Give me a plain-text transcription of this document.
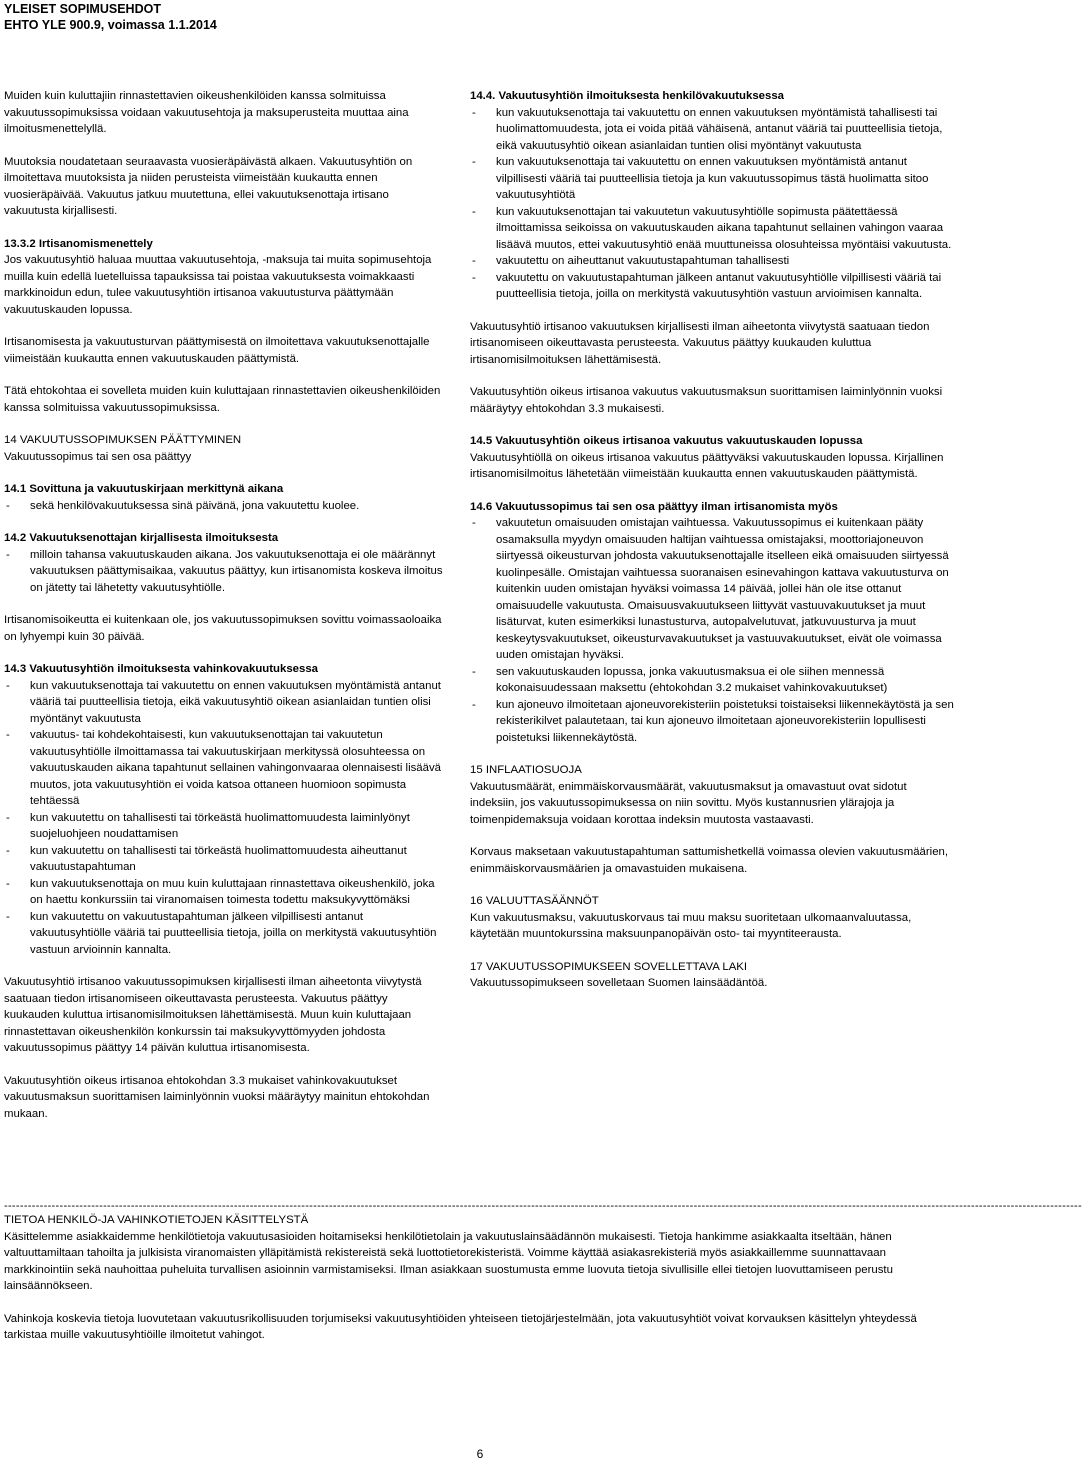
YLEISET SOPIMUSEHDOT
EHTO YLE 900.9, voimassa 1.1.2014

Muiden kuin kuluttajiin rinnastettavien oikeushenkilöiden kanssa solmituissa vakuutussopimuksissa voidaan vakuutusehtoja ja maksuperusteita muuttaa aina ilmoitusmenettelyllä.

Muutoksia noudatetaan seuraavasta vuosieräpäivästä alkaen. Vakuutusyhtiön on ilmoitettava muutoksista ja niiden perusteista viimeistään kuukautta ennen vuosieräpäivää. Vakuutus jatkuu muutettuna, ellei vakuutuksenottaja irtisano vakuutusta kirjallisesti.

13.3.2 Irtisanomismenettely

Jos vakuutusyhtiö haluaa muuttaa vakuutusehtoja, -maksuja tai muita sopimusehtoja muilla kuin edellä luetelluissa tapauksissa tai poistaa vakuutuksesta voimakkaasti markkinoidun edun, tulee vakuutusyhtiön irtisanoa vakuutusturva päättymään vakuutuskauden lopussa.

Irtisanomisesta ja vakuutusturvan päättymisestä on ilmoitettava vakuutuksenottajalle viimeistään kuukautta ennen vakuutuskauden päättymistä.

Tätä ehtokohtaa ei sovelleta muiden kuin kuluttajaan rinnastettavien oikeushenkilöiden kanssa solmituissa vakuutussopimuksissa.

14 VAKUUTUSSOPIMUKSEN PÄÄTTYMINEN

Vakuutussopimus tai sen osa päättyy

14.1 Sovittuna ja vakuutuskirjaan merkittynä aikana
- sekä henkilövakuutuksessa sinä päivänä, jona vakuutettu kuolee.
14.2 Vakuutuksenottajan kirjallisesta ilmoituksesta
- milloin tahansa vakuutuskauden aikana. Jos vakuutuksenottaja ei ole määrännyt vakuutuksen päättymisaikaa, vakuutus päättyy, kun irtisanomista koskeva ilmoitus on jätetty tai lähetetty vakuutusyhtiölle.

Irtisanomisoikeutta ei kuitenkaan ole, jos vakuutussopimuksen sovittu voimassaoloaika on lyhyempi kuin 30 päivää.

14.3 Vakuutusyhtiön ilmoituksesta vahinkovakuutuksessa
- kun vakuutuksenottaja tai vakuutettu on ennen vakuutuksen myöntämistä antanut vääriä tai puutteellisia tietoja, eikä vakuutusyhtiö oikean asianlaidan tuntien olisi myöntänyt vakuutusta
- vakuutus- tai kohdekohtaisesti, kun vakuutuksenottajan tai vakuutetun vakuutusyhtiölle ilmoittamassa tai vakuutuskirjaan merkityssä olosuhteessa on vakuutuskauden aikana tapahtunut sellainen vahingonvaaraa olennaisesti lisäävä muutos, jota vakuutusyhtiön ei voida katsoa ottaneen huomioon sopimusta tehtäessä
- kun vakuutettu on tahallisesti tai törkeästä huolimattomuudesta laiminlyönyt suojeluohjeen noudattamisen
- kun vakuutettu on tahallisesti tai törkeästä huolimattomuudesta aiheuttanut vakuutustapahtuman
- kun vakuutuksenottaja on muu kuin kuluttajaan rinnastettava oikeushenkilö, joka on haettu konkurssiin tai viranomaisen toimesta todettu maksukyvyttömäksi
- kun vakuutettu on vakuutustapahtuman jälkeen vilpillisesti antanut vakuutusyhtiölle vääriä tai puutteellisia tietoja, joilla on merkitystä vakuutusyhtiön vastuun arvioinnin kannalta.

Vakuutusyhtiö irtisanoo vakuutussopimuksen kirjallisesti ilman aiheetonta viivytystä saatuaan tiedon irtisanomiseen oikeuttavasta perusteesta. Vakuutus päättyy kuukauden kuluttua irtisanomisilmoituksen lähettämisestä. Muun kuin kuluttajaan rinnastettavan oikeushenkilön konkurssin tai maksukyvyttömyyden johdosta vakuutussopimus päättyy 14 päivän kuluttua irtisanomisesta.

Vakuutusyhtiön oikeus irtisanoa ehtokohdan 3.3 mukaiset vahinkovakuutukset vakuutusmaksun suorittamisen laiminlyönnin vuoksi määräytyy mainitun ehtokohdan mukaan.

14.4. Vakuutusyhtiön ilmoituksesta henkilövakuutuksessa
- kun vakuutuksenottaja tai vakuutettu on ennen vakuutuksen myöntämistä tahallisesti tai huolimattomuudesta, jota ei voida pitää vähäisenä, antanut vääriä tai puutteellisia tietoja, eikä vakuutusyhtiö oikean asianlaidan tuntien olisi myöntänyt vakuutusta
- kun vakuutuksenottaja tai vakuutettu on ennen vakuutuksen myöntämistä antanut vilpillisesti vääriä tai puutteellisia tietoja ja kun vakuutussopimus tästä huolimatta sitoo vakuutusyhtiötä
- kun vakuutuksenottajan tai vakuutetun vakuutusyhtiölle sopimusta päätettäessä ilmoittamissa seikoissa on vakuutuskauden aikana tapahtunut sellainen vahingon vaaraa lisäävä muutos, ettei vakuutusyhtiö enää muuttuneissa olosuhteissa myöntäisi vakuutusta.
- vakuutettu on aiheuttanut vakuutustapahtuman tahallisesti
- vakuutettu on vakuutustapahtuman jälkeen antanut vakuutusyhtiölle vilpillisesti vääriä tai puutteellisia tietoja, joilla on merkitystä vakuutusyhtiön vastuun arvioimisen kannalta.

Vakuutusyhtiö irtisanoo vakuutuksen kirjallisesti ilman aiheetonta viivytystä saatuaan tiedon irtisanomiseen oikeuttavasta perusteesta. Vakuutus päättyy kuukauden kuluttua irtisanomisilmoituksen lähettämisestä.

Vakuutusyhtiön oikeus irtisanoa vakuutus vakuutusmaksun suorittamisen laiminlyönnin vuoksi määräytyy ehtokohdan 3.3 mukaisesti.

14.5 Vakuutusyhtiön oikeus irtisanoa vakuutus vakuutuskauden lopussa

Vakuutusyhtiöllä on oikeus irtisanoa vakuutus päättyväksi vakuutuskauden lopussa. Kirjallinen irtisanomisilmoitus lähetetään viimeistään kuukautta ennen vakuutuskauden päättymistä.

14.6 Vakuutussopimus tai sen osa päättyy ilman irtisanomista myös
- vakuutetun omaisuuden omistajan vaihtuessa. Vakuutussopimus ei kuitenkaan pääty osamaksulla myydyn omaisuuden haltijan vaihtuessa omistajaksi, moottoriajoneuvon siirtyessä oikeusturvan johdosta vakuutuksenottajalle itselleen eikä omaisuuden siirtyessä kuolinpesälle. Omistajan vaihtuessa suoranaisen esinevahingon kattava vakuutusturva on kuitenkin uuden omistajan hyväksi voimassa 14 päivää, jollei hän ole itse ottanut omaisuudelle vakuutusta. Omaisuusvakuutukseen liittyvät vastuuvakuutukset ja muut lisäturvat, kuten esimerkiksi lunastusturva, autopalvelutuvat, jatkuvuusturva ja muut keskeytysvakuutukset, oikeusturvavakuutukset ja vastuuvakuutukset, eivät ole voimassa uuden omistajan hyväksi.
- sen vakuutuskauden lopussa, jonka vakuutusmaksua ei ole siihen mennessä kokonaisuudessaan maksettu (ehtokohdan 3.2 mukaiset vahinkovakuutukset)
- kun ajoneuvo ilmoitetaan ajoneuvorekisteriin poistetuksi toistaiseksi liikennekäytöstä ja sen rekisterikilvet palautetaan, tai kun ajoneuvo ilmoitetaan ajoneuvorekisteriin lopullisesti poistetuksi liikennekäytöstä.
15 INFLAATIOSUOJA

Vakuutusmäärät, enimmäiskorvausmäärät, vakuutusmaksut ja omavastuut ovat sidotut indeksiin, jos vakuutussopimuksessa on niin sovittu. Myös kustannusrien ylärajoja ja toimenpidemaksuja voidaan korottaa indeksin muutosta vastaavasti.

Korvaus maksetaan vakuutustapahtuman sattumishetkellä voimassa olevien vakuutusmäärien, enimmäiskorvausmäärien ja omavastuiden mukaisena.

16 VALUUTTASÄÄNNÖT

Kun vakuutusmaksu, vakuutuskorvaus tai muu maksu suoritetaan ulkomaanvaluutassa, käytetään muuntokurssina maksuunpanopäivän osto- tai myyntiteerausta.

17 VAKUUTUSSOPIMUKSEEN SOVELLETTAVA LAKI

Vakuutussopimukseen sovelletaan Suomen lainsäädäntöä.

--------------------------------------------------------------------------------------------------------------------------------------------------------------------------------------------------------------------------------------------------------------------------------
TIETOA HENKILÖ-JA VAHINKOTIETOJEN KÄSITTELYSTÄ

Käsittelemme asiakkaidemme henkilötietoja vakuutusasioiden hoitamiseksi henkilötietolain ja vakuutuslainsäädännön mukaisesti. Tietoja hankimme asiakkaalta itseltään, hänen valtuuttamiltaan tahoilta ja julkisista viranomaisten ylläpitämistä rekistereistä sekä luottotietorekisteristä. Voimme käyttää asiakasrekisteriä myös asiakkaillemme suunnattavaan markkinointiin sekä nauhoittaa puheluita turvallisen asioinnin varmistamiseksi. Ilman asiakkaan suostumusta emme luovuta tietoja sivullisille ellei tietojen luovuttamiseen perustu lainsäännökseen.

Vahinkoja koskevia tietoja luovutetaan vakuutusrikollisuuden torjumiseksi vakuutusyhtiöiden yhteiseen tietojärjestelmään, jota vakuutusyhtiöt voivat korvauksen käsittelyn yhteydessä tarkistaa muille vakuutusyhtiöille ilmoitetut vahingot.

6
